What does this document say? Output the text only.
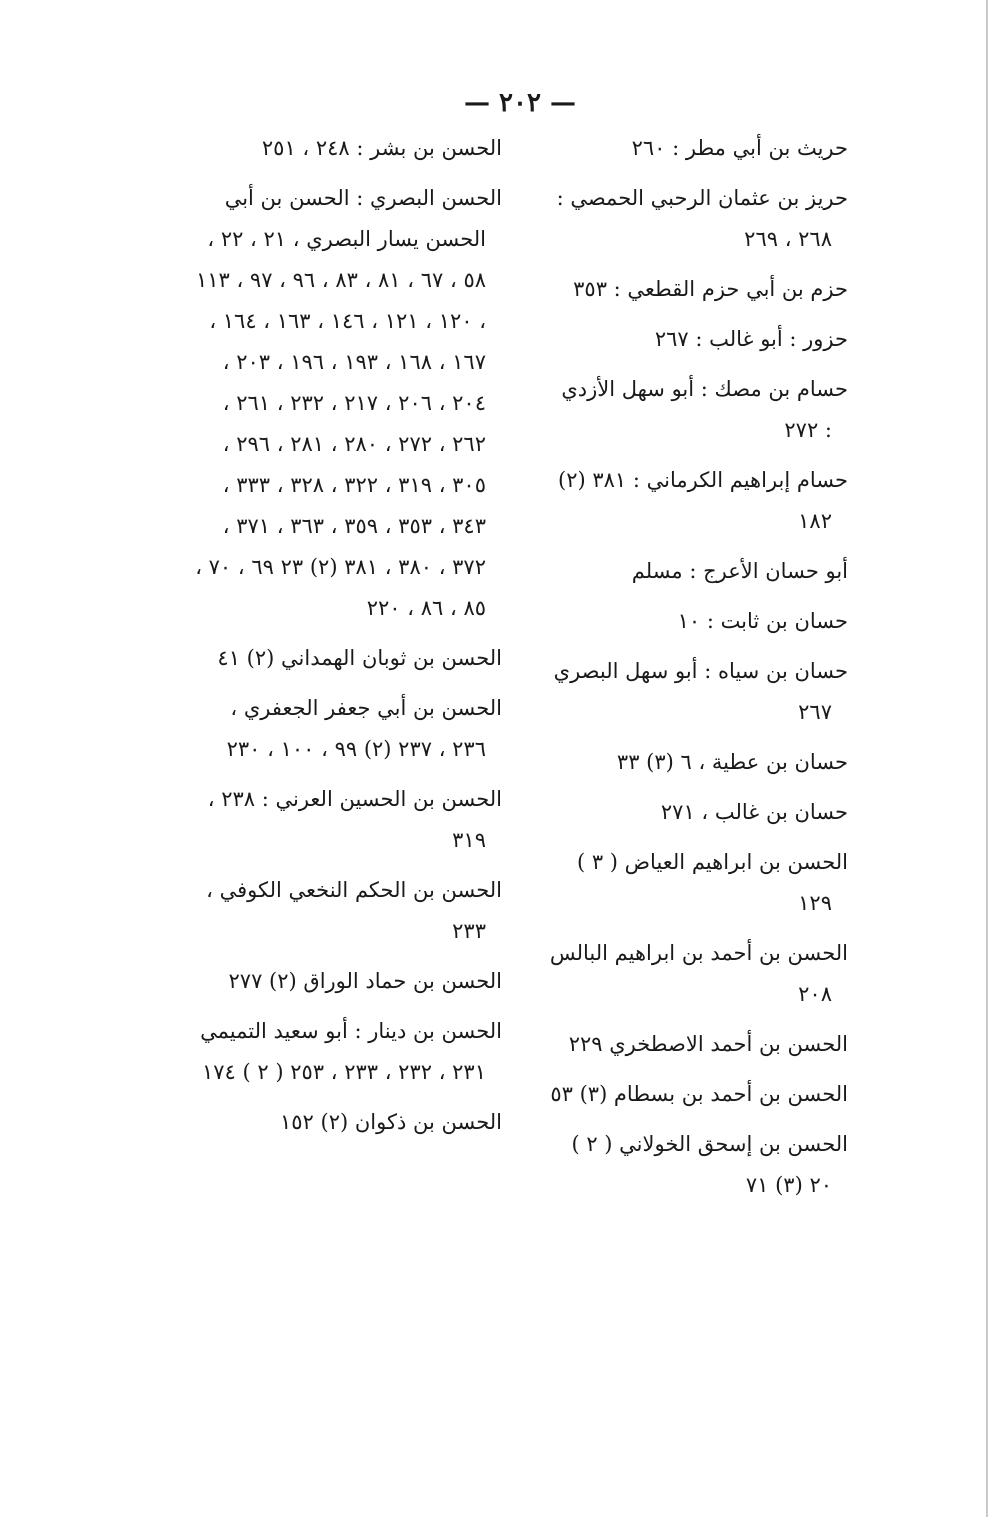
— ٢٠٢ —

حريث بن أبي مطر : ٢٦٠

حريز بن عثمان الرحبي الحمصي : ٢٦٨ ، ٢٦٩

حزم بن أبي حزم القطعي : ٣٥٣

حزور : أبو غالب : ٢٦٧

حسام بن مصك : أبو سهل الأزدي : ٢٧٢

حسام إبراهيم الكرماني : ٣٨١ (٢) ١٨٢

أبو حسان الأعرج : مسلم

حسان بن ثابت : ١٠

حسان بن سياه : أبو سهل البصري ٢٦٧

حسان بن عطية ، ٦ (٣) ٣٣

حسان بن غالب ، ٢٧١

الحسن بن ابراهيم العياض ( ٣ ) ١٢٩

الحسن بن أحمد بن ابراهيم البالس ٢٠٨

الحسن بن أحمد الاصطخري ٢٢٩

الحسن بن أحمد بن بسطام (٣) ٥٣

الحسن بن إسحق الخولاني ( ٢ ) ٢٠ (٣) ٧١

الحسن بن بشر : ٢٤٨ ، ٢٥١

الحسن البصري : الحسن بن أبي الحسن يسار البصري ، ٢١ ، ٢٢ ، ٥٨ ، ٦٧ ، ٨١ ، ٨٣ ، ٩٦ ، ٩٧ ، ١١٣ ، ١٢٠ ، ١٢١ ، ١٤٦ ، ١٦٣ ، ١٦٤ ، ١٦٧ ، ١٦٨ ، ١٩٣ ، ١٩٦ ، ٢٠٣ ، ٢٠٤ ، ٢٠٦ ، ٢١٧ ، ٢٣٢ ، ٢٦١ ، ٢٦٢ ، ٢٧٢ ، ٢٨٠ ، ٢٨١ ، ٢٩٦ ، ٣٠٥ ، ٣١٩ ، ٣٢٢ ، ٣٢٨ ، ٣٣٣ ، ٣٤٣ ، ٣٥٣ ، ٣٥٩ ، ٣٦٣ ، ٣٧١ ، ٣٧٢ ، ٣٨٠ ، ٣٨١ (٢) ٢٣ ٦٩ ، ٧٠ ، ٨٥ ، ٨٦ ، ٢٢٠

الحسن بن ثوبان الهمداني (٢) ٤١

الحسن بن أبي جعفر الجعفري ، ٢٣٦ ، ٢٣٧ (٢) ٩٩ ، ١٠٠ ، ٢٣٠

الحسن بن الحسين العرني : ٢٣٨ ، ٣١٩

الحسن بن الحكم النخعي الكوفي ، ٢٣٣

الحسن بن حماد الوراق (٢) ٢٧٧

الحسن بن دينار : أبو سعيد التميمي ٢٣١ ، ٢٣٢ ، ٢٣٣ ، ٢٥٣ ( ٢ ) ١٧٤

الحسن بن ذكوان (٢) ١٥٢
